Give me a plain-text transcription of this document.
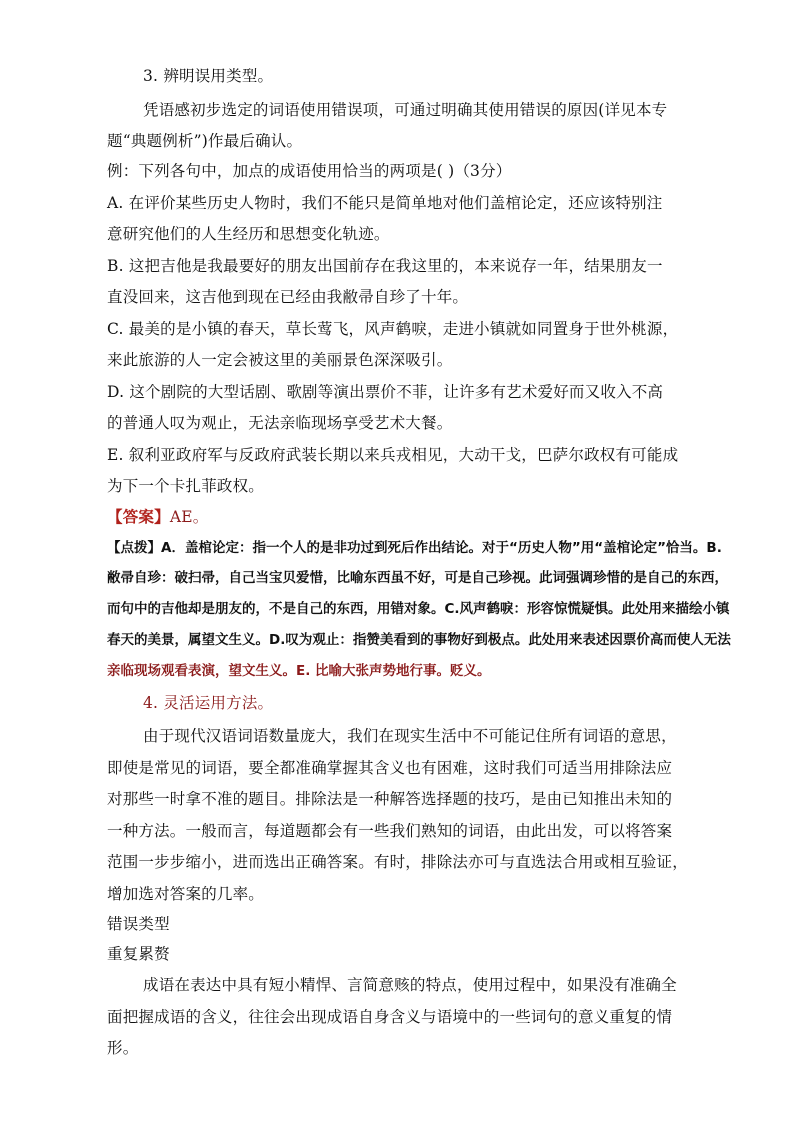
3. 辨明误用类型。
凭语感初步选定的词语使用错误项，可通过明确其使用错误的原因(详见本专
题“典题例析”)作最后确认。
例：下列各句中，加点的成语使用恰当的两项是( )（3分）
A. 在评价某些历史人物时，我们不能只是简单地对他们盖棺论定，还应该特别注
意研究他们的人生经历和思想变化轨迹。
B. 这把吉他是我最要好的朋友出国前存在我这里的，本来说存一年，结果朋友一
直没回来，这吉他到现在已经由我敝帚自珍了十年。
C. 最美的是小镇的春天，草长莺飞，风声鹤唳，走进小镇就如同置身于世外桃源，
来此旅游的人一定会被这里的美丽景色深深吸引。
D. 这个剧院的大型话剧、歌剧等演出票价不菲，让许多有艺术爱好而又收入不高
的普通人叹为观止，无法亲临现场享受艺术大餐。
E. 叙利亚政府军与反政府武装长期以来兵戎相见，大动干戈，巴萨尔政权有可能成
为下一个卡扎菲政权。
【答案】AE。
【点拨】A．盖棺论定：指一个人的是非功过到死后作出结论。对于“历史人物”用“盖棺论定”恰当。B.
敝帚自珍：破扫帚，自己当宝贝爱惜，比喻东西虽不好，可是自己珍视。此词强调珍惜的是自己的东西，
而句中的吉他却是朋友的，不是自己的东西，用错对象。C.风声鹤唳：形容惊慌疑惧。此处用来描绘小镇
春天的美景，属望文生义。D.叹为观止：指赞美看到的事物好到极点。此处用来表述因票价高而使人无法
亲临现场观看表演，望文生义。E. 比喻大张声势地行事。贬义。
4. 灵活运用方法。
由于现代汉语词语数量庞大，我们在现实生活中不可能记住所有词语的意思，
即使是常见的词语，要全都准确掌握其含义也有困难，这时我们可适当用排除法应
对那些一时拿不准的题目。排除法是一种解答选择题的技巧，是由已知推出未知的
一种方法。一般而言，每道题都会有一些我们熟知的词语，由此出发，可以将答案
范围一步步缩小，进而选出正确答案。有时，排除法亦可与直选法合用或相互验证，
增加选对答案的几率。
错误类型
重复累赘
成语在表达中具有短小精悍、言简意赅的特点，使用过程中，如果没有准确全
面把握成语的含义，往往会出现成语自身含义与语境中的一些词句的意义重复的情
形。
